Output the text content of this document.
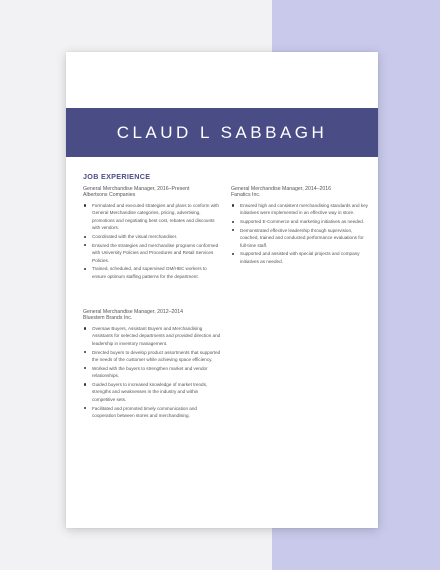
CLAUD L SABBAGH
JOB EXPERIENCE
General Merchandise Manager, 2016–Present
Albertsons Companies
Formulated and executed strategies and plans to conform with General Merchandise categories, pricing, advertising, promotions and negotiating best cost, rebates and discounts with vendors.
Coordinated with the visual merchandiser.
Ensured the strategies and merchandise programs conformed with University Policies and Procedures and Retail Services Policies.
Trained, scheduled, and supervised GM/HBC workers to ensure optimum staffing patterns for the department.
General Merchandise Manager, 2014–2016
Fanatics Inc.
Ensured high and consistent merchandising standards and key initiatives were implemented in an effective way in store.
Supported E-Commerce and marketing initiatives as needed.
Demonstrated effective leadership through supervision, coached, trained and conducted performance evaluations for full-time staff.
Supported and assisted with special projects and company initiatives as needed.
General Merchandise Manager, 2012–2014
Bluestem Brands Inc.
Oversaw Buyers, Assistant Buyers and Merchandising Assistants for selected departments and provided direction and leadership in inventory management.
Directed buyers to develop product assortments that supported the needs of the customer while achieving space efficiency.
Worked with the buyers to strengthen market and vendor relationships.
Guided buyers to increased knowledge of market trends, strengths and weaknesses in the industry and within competitive sets.
Facilitated and promoted timely communication and cooperation between stores and merchandising.
